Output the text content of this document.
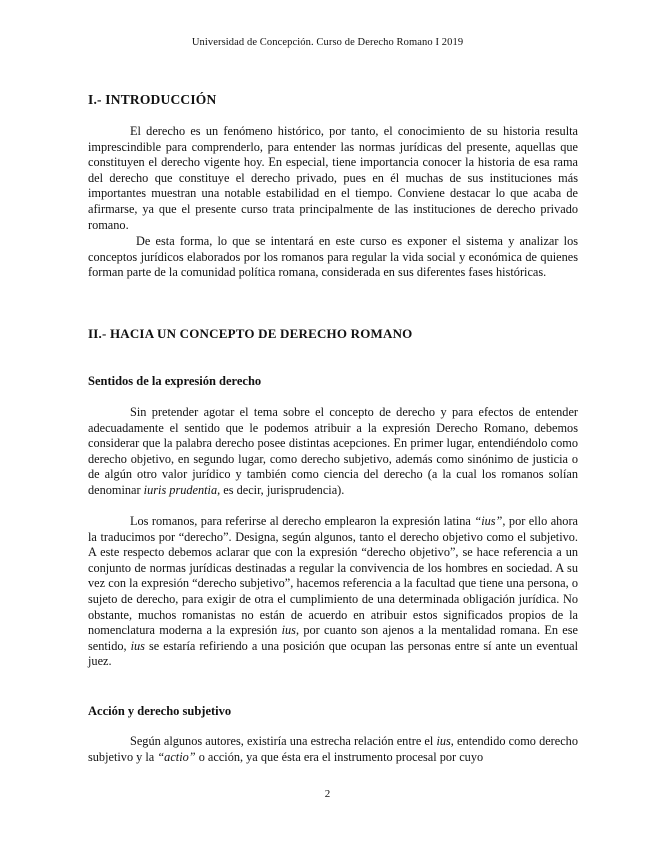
Universidad de Concepción. Curso de Derecho Romano I 2019
I.- INTRODUCCIÓN
El derecho es un fenómeno histórico, por tanto, el conocimiento de su historia resulta imprescindible para comprenderlo, para entender las normas jurídicas del presente, aquellas que constituyen el derecho vigente hoy. En especial, tiene importancia conocer la historia de esa rama del derecho que constituye el derecho privado, pues en él muchas de sus instituciones más importantes muestran una notable estabilidad en el tiempo. Conviene destacar lo que acaba de afirmarse, ya que el presente curso trata principalmente de las instituciones de derecho privado romano.
De esta forma, lo que se intentará en este curso es exponer el sistema y analizar los conceptos jurídicos elaborados por los romanos para regular la vida social y económica de quienes forman parte de la comunidad política romana, considerada en sus diferentes fases históricas.
II.- HACIA UN CONCEPTO DE DERECHO ROMANO
Sentidos de la expresión derecho
Sin pretender agotar el tema sobre el concepto de derecho y para efectos de entender adecuadamente el sentido que le podemos atribuir a la expresión Derecho Romano, debemos considerar que la palabra derecho posee distintas acepciones. En primer lugar, entendiéndolo como derecho objetivo, en segundo lugar, como derecho subjetivo, además como sinónimo de justicia o de algún otro valor jurídico y también como ciencia del derecho (a la cual los romanos solían denominar iuris prudentia, es decir, jurisprudencia).
Los romanos, para referirse al derecho emplearon la expresión latina “ius”, por ello ahora la traducimos por “derecho”. Designa, según algunos, tanto el derecho objetivo como el subjetivo. A este respecto debemos aclarar que con la expresión “derecho objetivo”, se hace referencia a un conjunto de normas jurídicas destinadas a regular la convivencia de los hombres en sociedad. A su vez con la expresión “derecho subjetivo”, hacemos referencia a la facultad que tiene una persona, o sujeto de derecho, para exigir de otra el cumplimiento de una determinada obligación jurídica. No obstante, muchos romanistas no están de acuerdo en atribuir estos significados propios de la nomenclatura moderna a la expresión ius, por cuanto son ajenos a la mentalidad romana. En ese sentido, ius se estaría refiriendo a una posición que ocupan las personas entre sí ante un eventual juez.
Acción y derecho subjetivo
Según algunos autores, existiría una estrecha relación entre el ius, entendido como derecho subjetivo y la “actio” o acción, ya que ésta era el instrumento procesal por cuyo
2
